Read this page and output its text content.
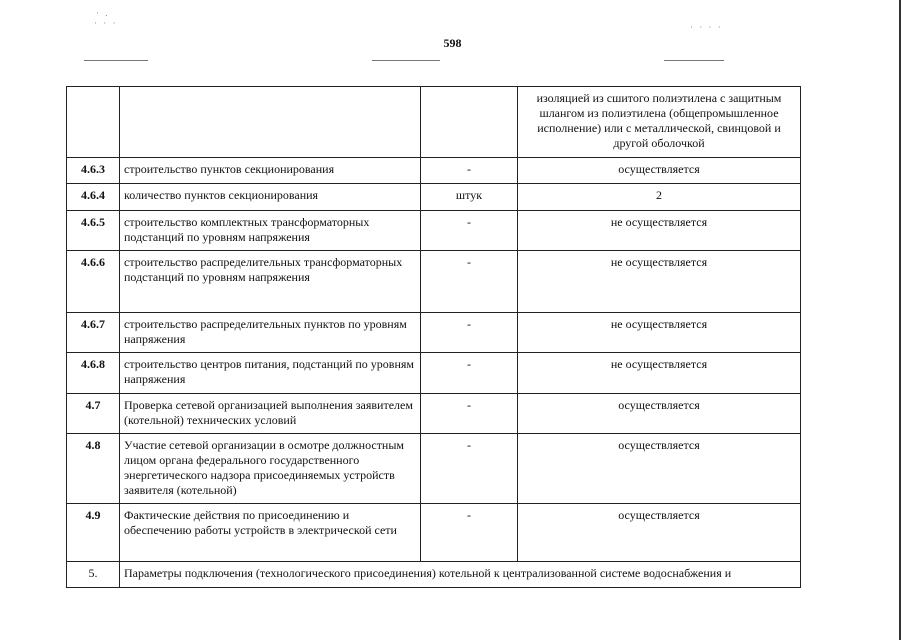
· .
· · ·	· · · ·
598
			изоляцией из сшитого полиэтилена с защитным шлангом из полиэтилена (общепромышленное исполнение) или с металлической, свинцовой и другой оболочкой
4.6.3	строительство пунктов секционирования	-	осуществляется
4.6.4	количество пунктов секционирования	штук	2
4.6.5	строительство комплектных трансформаторных подстанций по уровням напряжения	-	не осуществляется
4.6.6	строительство распределительных трансформаторных подстанций по уровням напряжения	-	не осуществляется
4.6.7	строительство распределительных пунктов по уровням напряжения	-	не осуществляется
4.6.8	строительство центров питания, подстанций по уровням напряжения	-	не осуществляется
4.7	Проверка сетевой организацией выполнения заявителем (котельной) технических условий	-	осуществляется
4.8	Участие сетевой организации в осмотре должностным лицом органа федерального государственного энергетического надзора присоединяемых устройств заявителя (котельной)	-	осуществляется
4.9	Фактические действия по присоединению и обеспечению работы устройств в электрической сети	-	осуществляется
5.	Параметры подключения (технологического присоединения) котельной к централизованной системе водоснабжения и		
